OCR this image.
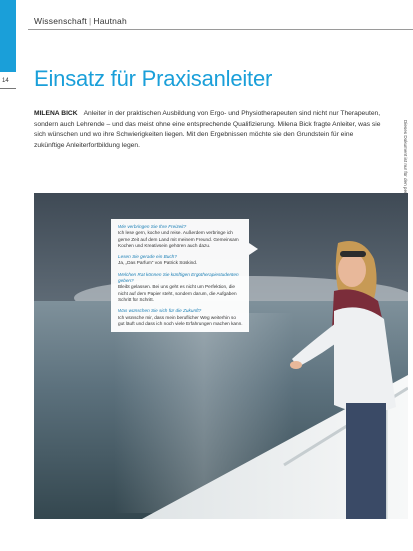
Wissenschaft | Hautnah
14 Einsatz für Praxisanleiter

MILENA BICK Anleiter in der praktischen Ausbildung von Ergo- und Physiotherapeuten sind nicht nur Therapeuten, sondern auch Lehrende – und das meist ohne eine entsprechende Qualifizierung. Milena Bick fragte Anleiter, was sie sich wünschen und wo ihre Schwierigkeiten liegen. Mit den Ergebnissen möchte sie den Grundstein für eine zukünftige Anleiterfortbildung legen.

Wie verbringen Sie Ihre Freizeit?
Ich lese gern, koche und reise. Außerdem verbringe ich gerne Zeit auf dem Land mit meinem Freund. Gemeinsam Kochen und Kreativsein gehören auch dazu.
Lesen Sie gerade ein Buch?
Ja, „Das Parfum“ von Patrick Süskind.
Welchen Rat können Sie künftigen Ergotherapiestudenten geben?
Bleibt gelassen. Bei uns geht es nicht um Perfektion, die nicht auf dem Papier steht, sondern darum, die Aufgaben Schritt für Schritt.
Was wünschen Sie sich für die Zukunft?
Ich wünsche mir, dass mein beruflicher Weg weiterhin so gut läuft und dass ich noch viele Erfahrungen machen kann.
